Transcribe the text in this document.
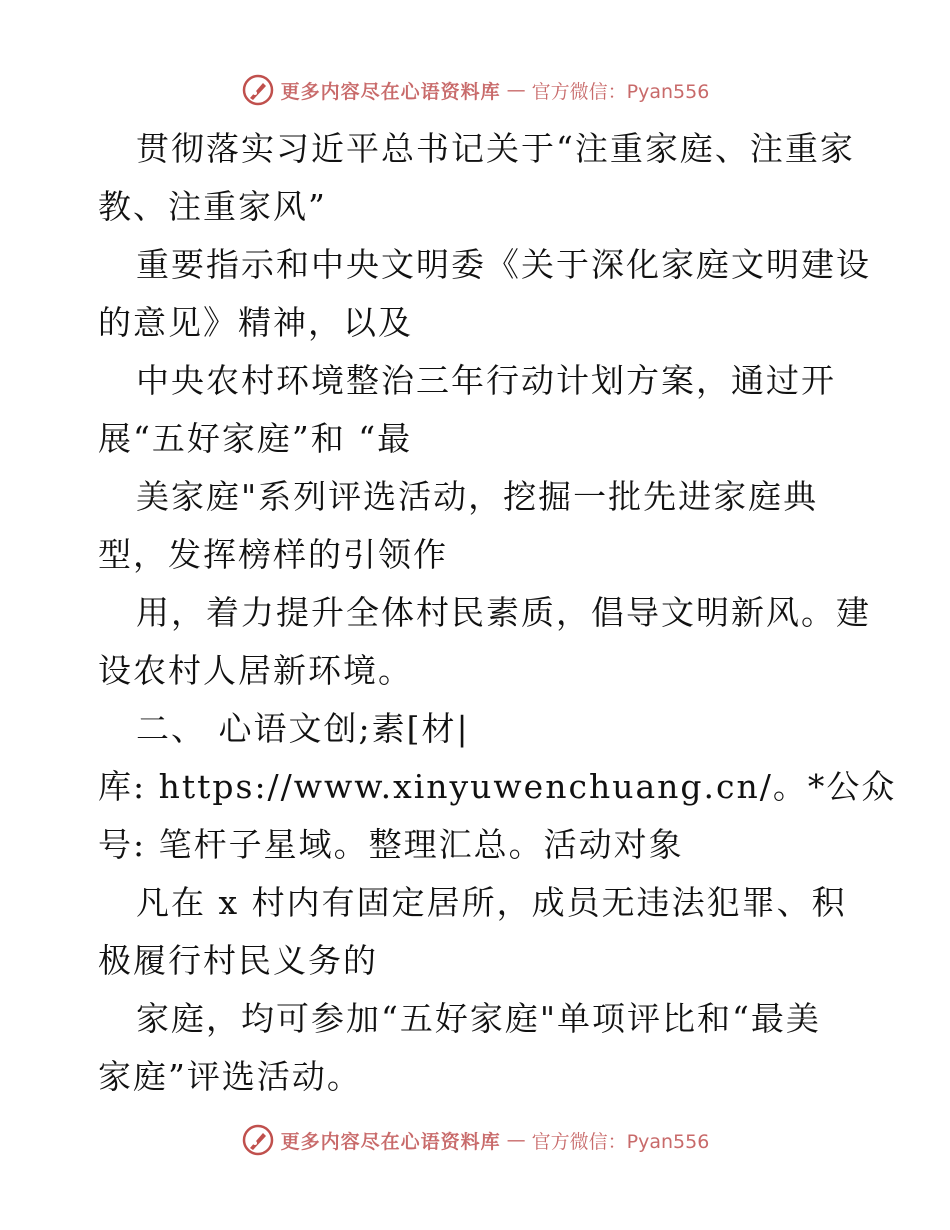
更多内容尽在心语资料库 — 官方微信：Pyan556
贯彻落实习近平总书记关于“注重家庭、注重家
教、注重家风”
重要指示和中央文明委《关于深化家庭文明建设
的意见》精神，以及
中央农村环境整治三年行动计划方案，通过开
展“五好家庭”和 “最
美家庭"系列评选活动，挖掘一批先进家庭典
型，发挥榜样的引领作
用，着力提升全体村民素质，倡导文明新风。建
设农村人居新环境。
二、 心语文创;素[材|
库: https://www.xinyuwenchuang.cn/。*公众
号: 笔杆子星域。整理汇总。活动对象
凡在 x 村内有固定居所，成员无违法犯罪、积
极履行村民义务的
家庭，均可参加“五好家庭"单项评比和“最美
家庭”评选活动。
更多内容尽在心语资料库 — 官方微信：Pyan556
